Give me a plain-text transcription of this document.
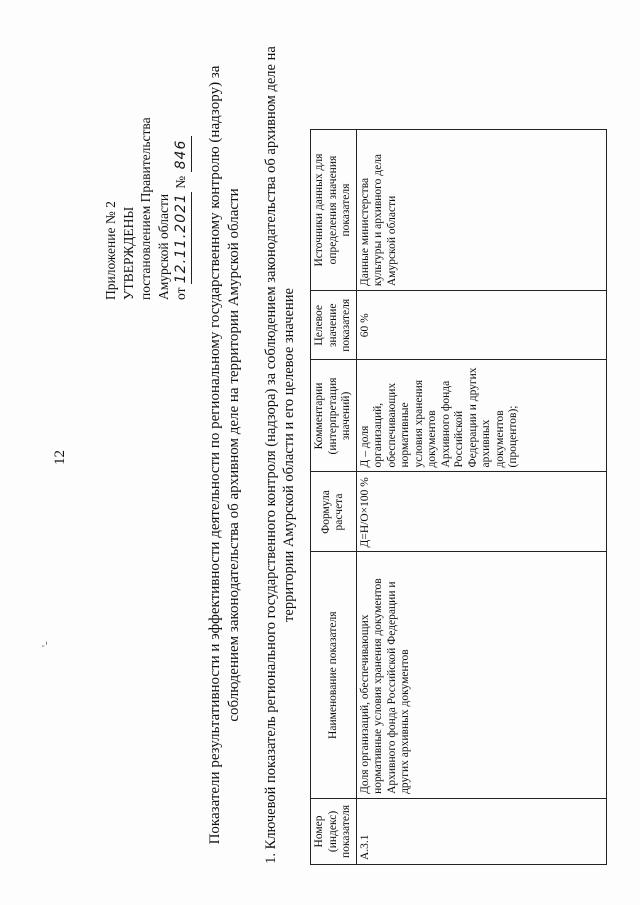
12
'-
Приложение № 2 УТВЕРЖДЕНЫ постановлением Правительства Амурской области от 12.11.2021 № 846 Показатели результативности и эффективности деятельности по региональному государственному контролю (надзору) за соблюдением законодательства об архивном деле на территории Амурской области 1. Ключевой показатель регионального государственного контроля (надзора) за соблюдением законодательства об архивном деле на территории Амурской области и его целевое значение
Номер (индекс) показателя	Наименование показателя	Формула расчета	Комментарии (интерпретация значений)	Целевое значение показателя	Источники данных для определения значения показателя
А.3.1	Доля организаций, обеспечивающих нормативные условия хранения документов Архивного фонда Российской Федерации и других архивных документов	Д=Н/О×100 %	Д – доля организаций, обеспечивающих нормативные условия хранения документов Архивного фонда Российской Федерации и других архивных документов (процентов);	60 %	Данные министерства культуры и архивного дела Амурской области
